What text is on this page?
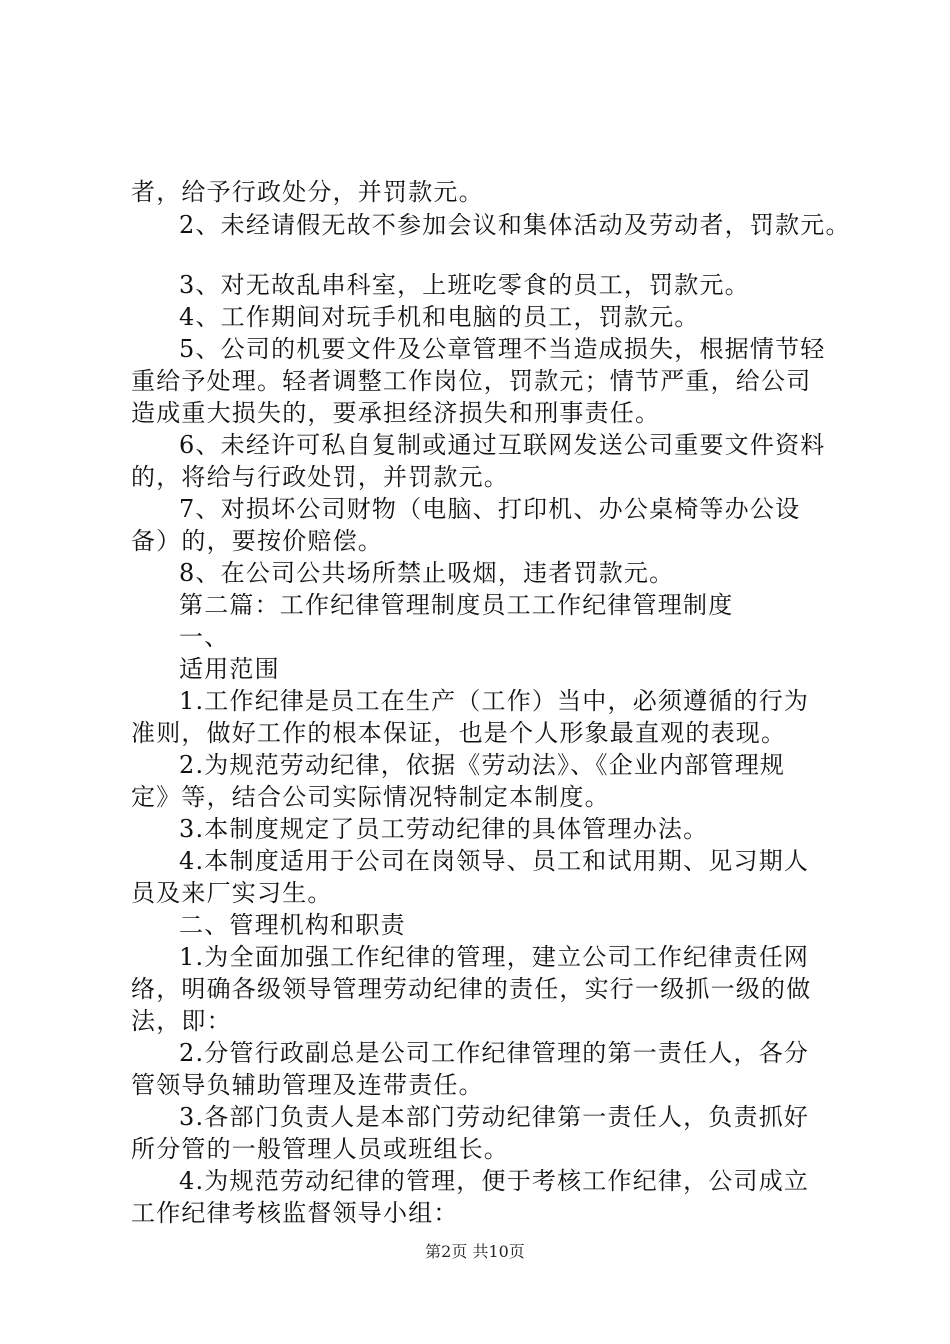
者，给予行政处分，并罚款元。
2、未经请假无故不参加会议和集体活动及劳动者，罚款元。
3、对无故乱串科室，上班吃零食的员工，罚款元。
4、工作期间对玩手机和电脑的员工，罚款元。
5、公司的机要文件及公章管理不当造成损失，根据情节轻
重给予处理。轻者调整工作岗位，罚款元；情节严重，给公司
造成重大损失的，要承担经济损失和刑事责任。
6、未经许可私自复制或通过互联网发送公司重要文件资料
的，将给与行政处罚，并罚款元。
7、对损坏公司财物（电脑、打印机、办公桌椅等办公设
备）的，要按价赔偿。
8、在公司公共场所禁止吸烟，违者罚款元。
第二篇：工作纪律管理制度员工工作纪律管理制度
一、
适用范围
1.工作纪律是员工在生产（工作）当中，必须遵循的行为
准则，做好工作的根本保证，也是个人形象最直观的表现。
2.为规范劳动纪律，依据《劳动法》、《企业内部管理规
定》等，结合公司实际情况特制定本制度。
3.本制度规定了员工劳动纪律的具体管理办法。
4.本制度适用于公司在岗领导、员工和试用期、见习期人
员及来厂实习生。
二、管理机构和职责
1.为全面加强工作纪律的管理，建立公司工作纪律责任网
络，明确各级领导管理劳动纪律的责任，实行一级抓一级的做
法，即：
2.分管行政副总是公司工作纪律管理的第一责任人，各分
管领导负辅助管理及连带责任。
3.各部门负责人是本部门劳动纪律第一责任人，负责抓好
所分管的一般管理人员或班组长。
4.为规范劳动纪律的管理，便于考核工作纪律，公司成立
工作纪律考核监督领导小组：
第2页 共10页
